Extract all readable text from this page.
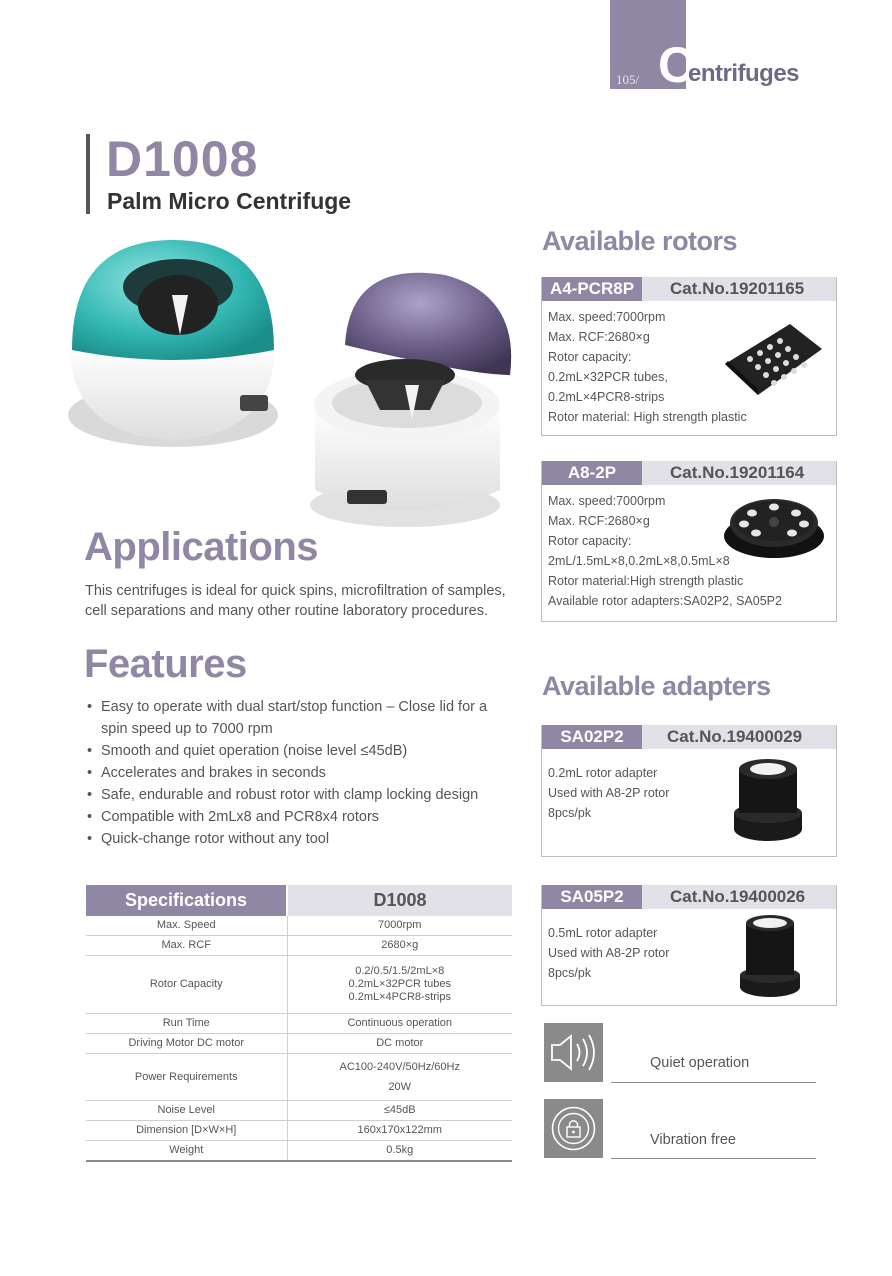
105/ C
entrifuges
D1008
Palm Micro Centrifuge
Applications
This centrifuges is ideal for quick spins, microfiltration of samples, cell separations and many other routine laboratory procedures.
Features
• Easy to operate with dual start/stop function – Close lid for a spin speed up to 7000 rpm
• Smooth and quiet operation (noise level ≤45dB)
• Accelerates and brakes in seconds
• Safe, endurable and robust rotor with clamp locking design
• Compatible with 2mLx8 and PCR8x4 rotors
• Quick-change rotor without any tool
Specifications	D1008
Max. Speed	7000rpm
Max. RCF	2680×g
Rotor Capacity	0.2/0.5/1.5/2mL×8
0.2mL×32PCR tubes
0.2mL×4PCR8-strips

Run Time	Continuous operation
Driving Motor DC motor	DC motor
Power Requirements	AC100-240V/50Hz/60Hz
20W

Noise Level	≤45dB
Dimension [D×W×H]	160x170x122mm
Weight	0.5kg
Available rotors
A4-PCR8P	Cat.No.19201165
Max. speed:7000rpm
Max. RCF:2680×g
Rotor capacity:
0.2mL×32PCR tubes,
0.2mL×4PCR8-strips
Rotor material: High strength plastic
A8-2P	Cat.No.19201164
Max. speed:7000rpm
Max. RCF:2680×g
Rotor capacity:
2mL/1.5mL×8,0.2mL×8,0.5mL×8
Rotor material:High strength plastic
Available rotor adapters:SA02P2, SA05P2
Available adapters
SA02P2	Cat.No.19400029
0.2mL rotor adapter
Used with A8-2P rotor
8pcs/pk
SA05P2	Cat.No.19400026
0.5mL rotor adapter
Used with A8-2P rotor
8pcs/pk
Quiet operation
Vibration free
